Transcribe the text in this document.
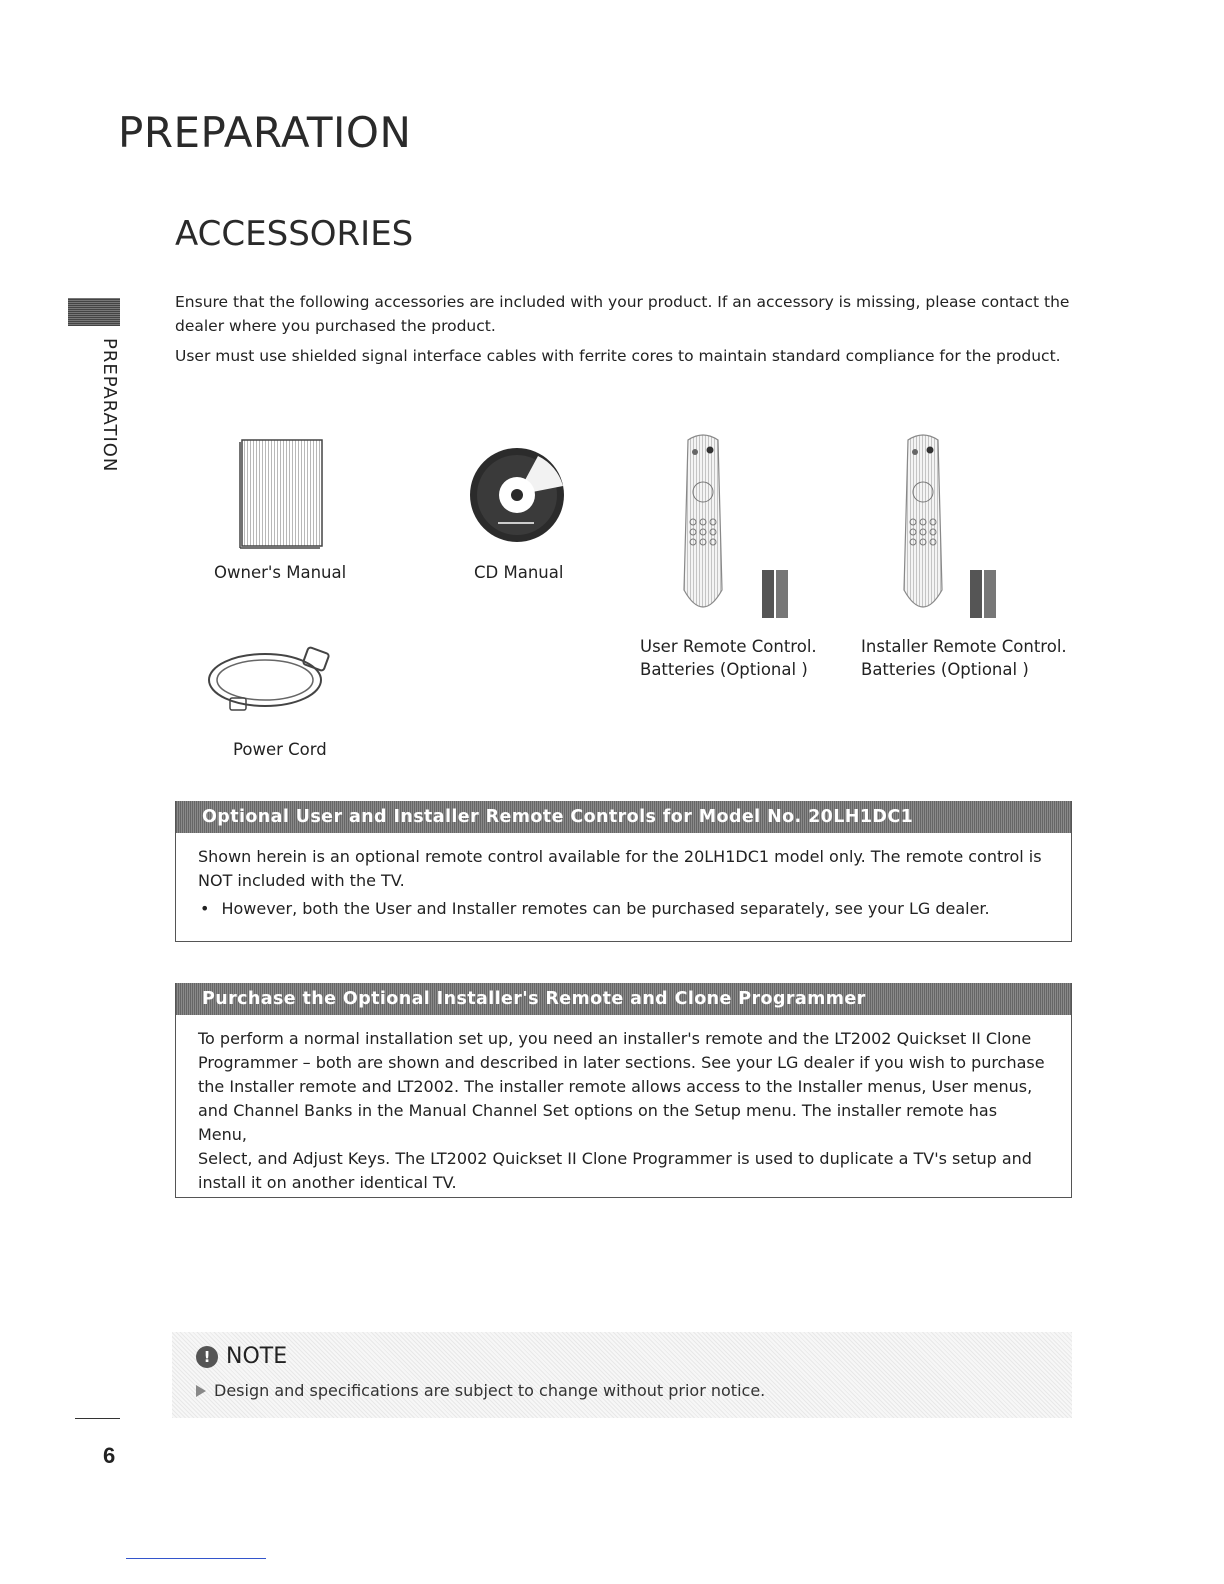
PREPARATION
PREPARATION
ACCESSORIES

Ensure that the following accessories are included with your product. If an accessory is missing, please contact the

dealer where you purchased the product.

User must use shielded signal interface cables with ferrite cores to maintain standard compliance for the product.

Owner's Manual	CD Manual
User Remote Control.
Batteries (Optional )
Installer Remote Control.
Batteries (Optional )
Power Cord
Optional User and Installer Remote Controls for Model No. 20LH1DC1

Shown herein is an optional remote control available for the 20LH1DC1 model only. The remote control is

NOT included with the TV.

• However, both the User and Installer remotes can be purchased separately, see your LG dealer.
Purchase the Optional Installer's Remote and Clone Programmer

To perform a normal installation set up, you need an installer's remote and the LT2002 Quickset II Clone

Programmer – both are shown and described in later sections. See your LG dealer if you wish to purchase

the Installer remote and LT2002. The installer remote allows access to the Installer menus, User menus,

and Channel Banks in the Manual Channel Set options on the Setup menu. The installer remote has Menu,

Select, and Adjust Keys. The LT2002 Quickset II Clone Programmer is used to duplicate a TV's setup and

install it on another identical TV.

! NOTE
Design and specifications are subject to change without prior notice.
6
